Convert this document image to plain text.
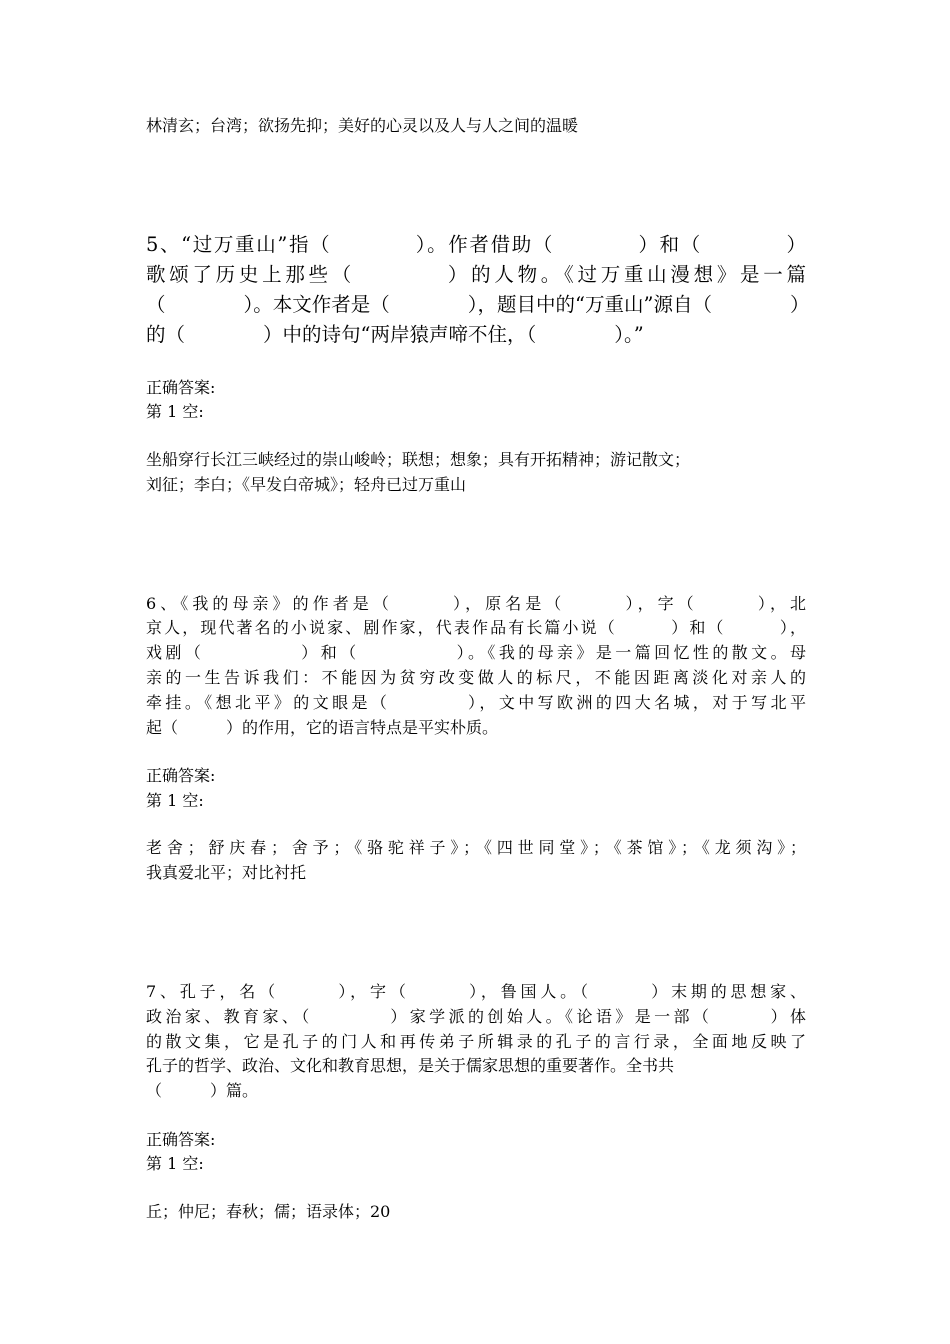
林清玄；台湾；欲扬先抑；美好的心灵以及人与人之间的温暖
5、“过万重山”指（　　　　）。作者借助（　　　　）和（　　　　）
歌颂了历史上那些（　　　　）的人物。《过万重山漫想》是一篇
（　　　　）。本文作者是（　　　　），题目中的“万重山”源自（　　　　）
的（　　　　）中的诗句“两岸猿声啼不住，（　　　　）。”
正确答案:
第 1 空:
坐船穿行长江三峡经过的崇山峻岭；联想；想象；具有开拓精神；游记散文；
刘征；李白；《早发白帝城》；轻舟已过万重山
6、《我的母亲》的作者是（　　　），原名是（　　　），字（　　　），北
京人，现代著名的小说家、剧作家，代表作品有长篇小说（　　　）和（　　　），
戏剧（　　　　　）和（　　　　　）。《我的母亲》是一篇回忆性的散文。母
亲的一生告诉我们：不能因为贫穷改变做人的标尺，不能因距离淡化对亲人的
牵挂。《想北平》的文眼是（　　　　），文中写欧洲的四大名城，对于写北平
起（　　　）的作用，它的语言特点是平实朴质。
正确答案:
第 1 空:
老舍；舒庆春；舍予；《骆驼祥子》；《四世同堂》；《茶馆》；《龙须沟》；
我真爱北平；对比衬托
7、孔子，名（　　　），字（　　　），鲁国人。（　　　）末期的思想家、
政治家、教育家、（　　　　）家学派的创始人。《论语》是一部（　　　）体
的散文集，它是孔子的门人和再传弟子所辑录的孔子的言行录，全面地反映了
孔子的哲学、政治、文化和教育思想，是关于儒家思想的重要著作。全书共
（　　　）篇。
正确答案:
第 1 空:
丘；仲尼；春秋；儒；语录体；20
